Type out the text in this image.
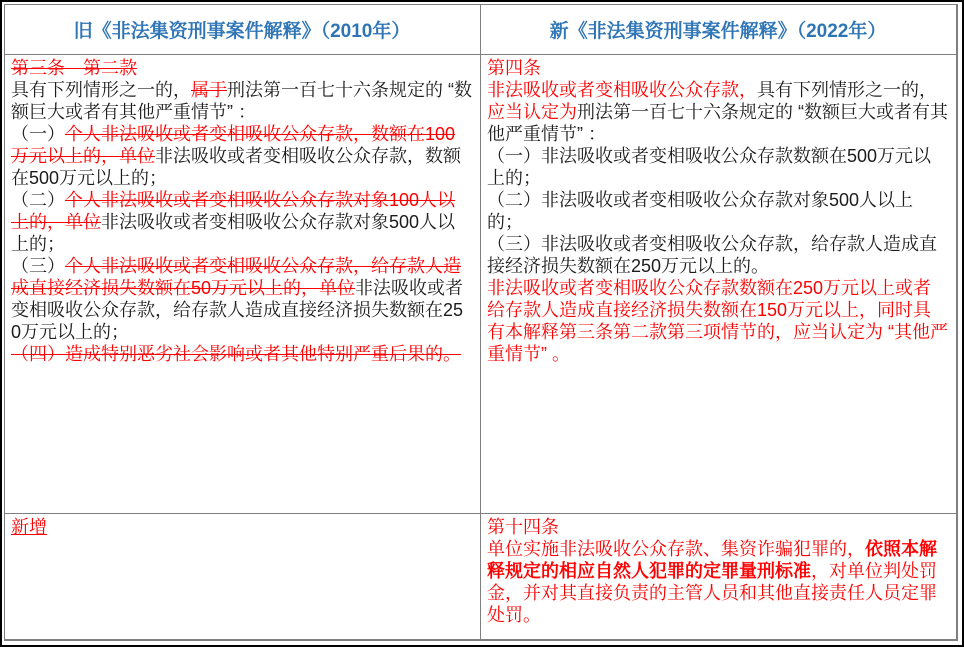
旧《非法集资刑事案件解释》（2010年）	新《非法集资刑事案件解释》（2022年）

第三条　第二款

具有下列情形之一的，属于刑法第一百七十六条规定的 “数额巨大或者有其他严重情节” ：

（一）个人非法吸收或者变相吸收公众存款，数额在100万元以上的，单位非法吸收或者变相吸收公众存款，数额在500万元以上的；

（二）个人非法吸收或者变相吸收公众存款对象100人以上的，单位非法吸收或者变相吸收公众存款对象500人以上的；

（三）个人非法吸收或者变相吸收公众存款，给存款人造成直接经济损失数额在50万元以上的，单位非法吸收或者变相吸收公众存款，给存款人造成直接经济损失数额在250万元以上的；

（四）造成特别恶劣社会影响或者其他特别严重后果的。

第四条

非法吸收或者变相吸收公众存款，具有下列情形之一的，应当认定为刑法第一百七十六条规定的 “数额巨大或者有其他严重情节” ：

（一）非法吸收或者变相吸收公众存款数额在500万元以上的；

（二）非法吸收或者变相吸收公众存款对象500人以上的；

（三）非法吸收或者变相吸收公众存款，给存款人造成直接经济损失数额在250万元以上的。

非法吸收或者变相吸收公众存款数额在250万元以上或者给存款人造成直接经济损失数额在150万元以上，同时具有本解释第三条第二款第三项情节的，应当认定为 “其他严重情节” 。

新增	第十四条

单位实施非法吸收公众存款、集资诈骗犯罪的，依照本解释规定的相应自然人犯罪的定罪量刑标准，对单位判处罚金，并对其直接负责的主管人员和其他直接责任人员定罪处罚。
